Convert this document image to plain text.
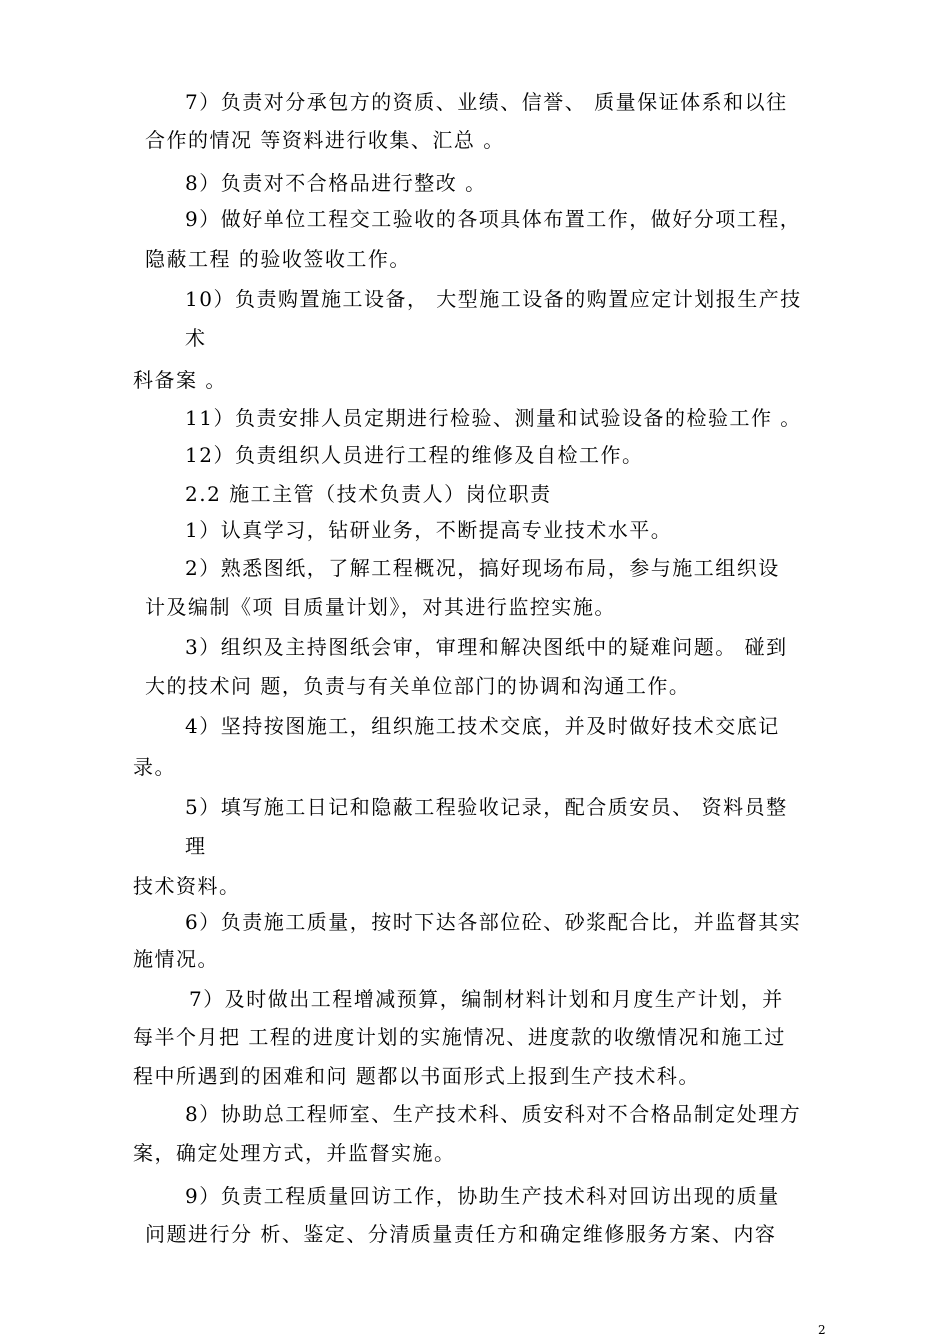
7）负责对分承包方的资质、业绩、信誉、 质量保证体系和以往

合作的情况 等资料进行收集、汇总 。

8）负责对不合格品进行整改 。

9）做好单位工程交工验收的各项具体布置工作，做好分项工程，

隐蔽工程 的验收签收工作。

10）负责购置施工设备， 大型施工设备的购置应定计划报生产技

术

科备案 。

11）负责安排人员定期进行检验、测量和试验设备的检验工作 。

12）负责组织人员进行工程的维修及自检工作。

2.2 施工主管（技术负责人）岗位职责

1）认真学习，钻研业务，不断提高专业技术水平。

2）熟悉图纸，了解工程概况，搞好现场布局，参与施工组织设

计及编制《项 目质量计划》，对其进行监控实施。

3）组织及主持图纸会审，审理和解决图纸中的疑难问题。 碰到

大的技术问 题，负责与有关单位部门的协调和沟通工作。

4）坚持按图施工，组织施工技术交底，并及时做好技术交底记

录。

5）填写施工日记和隐蔽工程验收记录，配合质安员、 资料员整

理

技术资料。

6）负责施工质量，按时下达各部位砼、砂浆配合比，并监督其实

施情况。

7）及时做出工程增减预算，编制材料计划和月度生产计划，并

每半个月把 工程的进度计划的实施情况、进度款的收缴情况和施工过

程中所遇到的困难和问 题都以书面形式上报到生产技术科。

8）协助总工程师室、生产技术科、质安科对不合格品制定处理方

案，确定处理方式，并监督实施。

9）负责工程质量回访工作，协助生产技术科对回访出现的质量

问题进行分 析、鉴定、分清质量责任方和确定维修服务方案、内容

2
